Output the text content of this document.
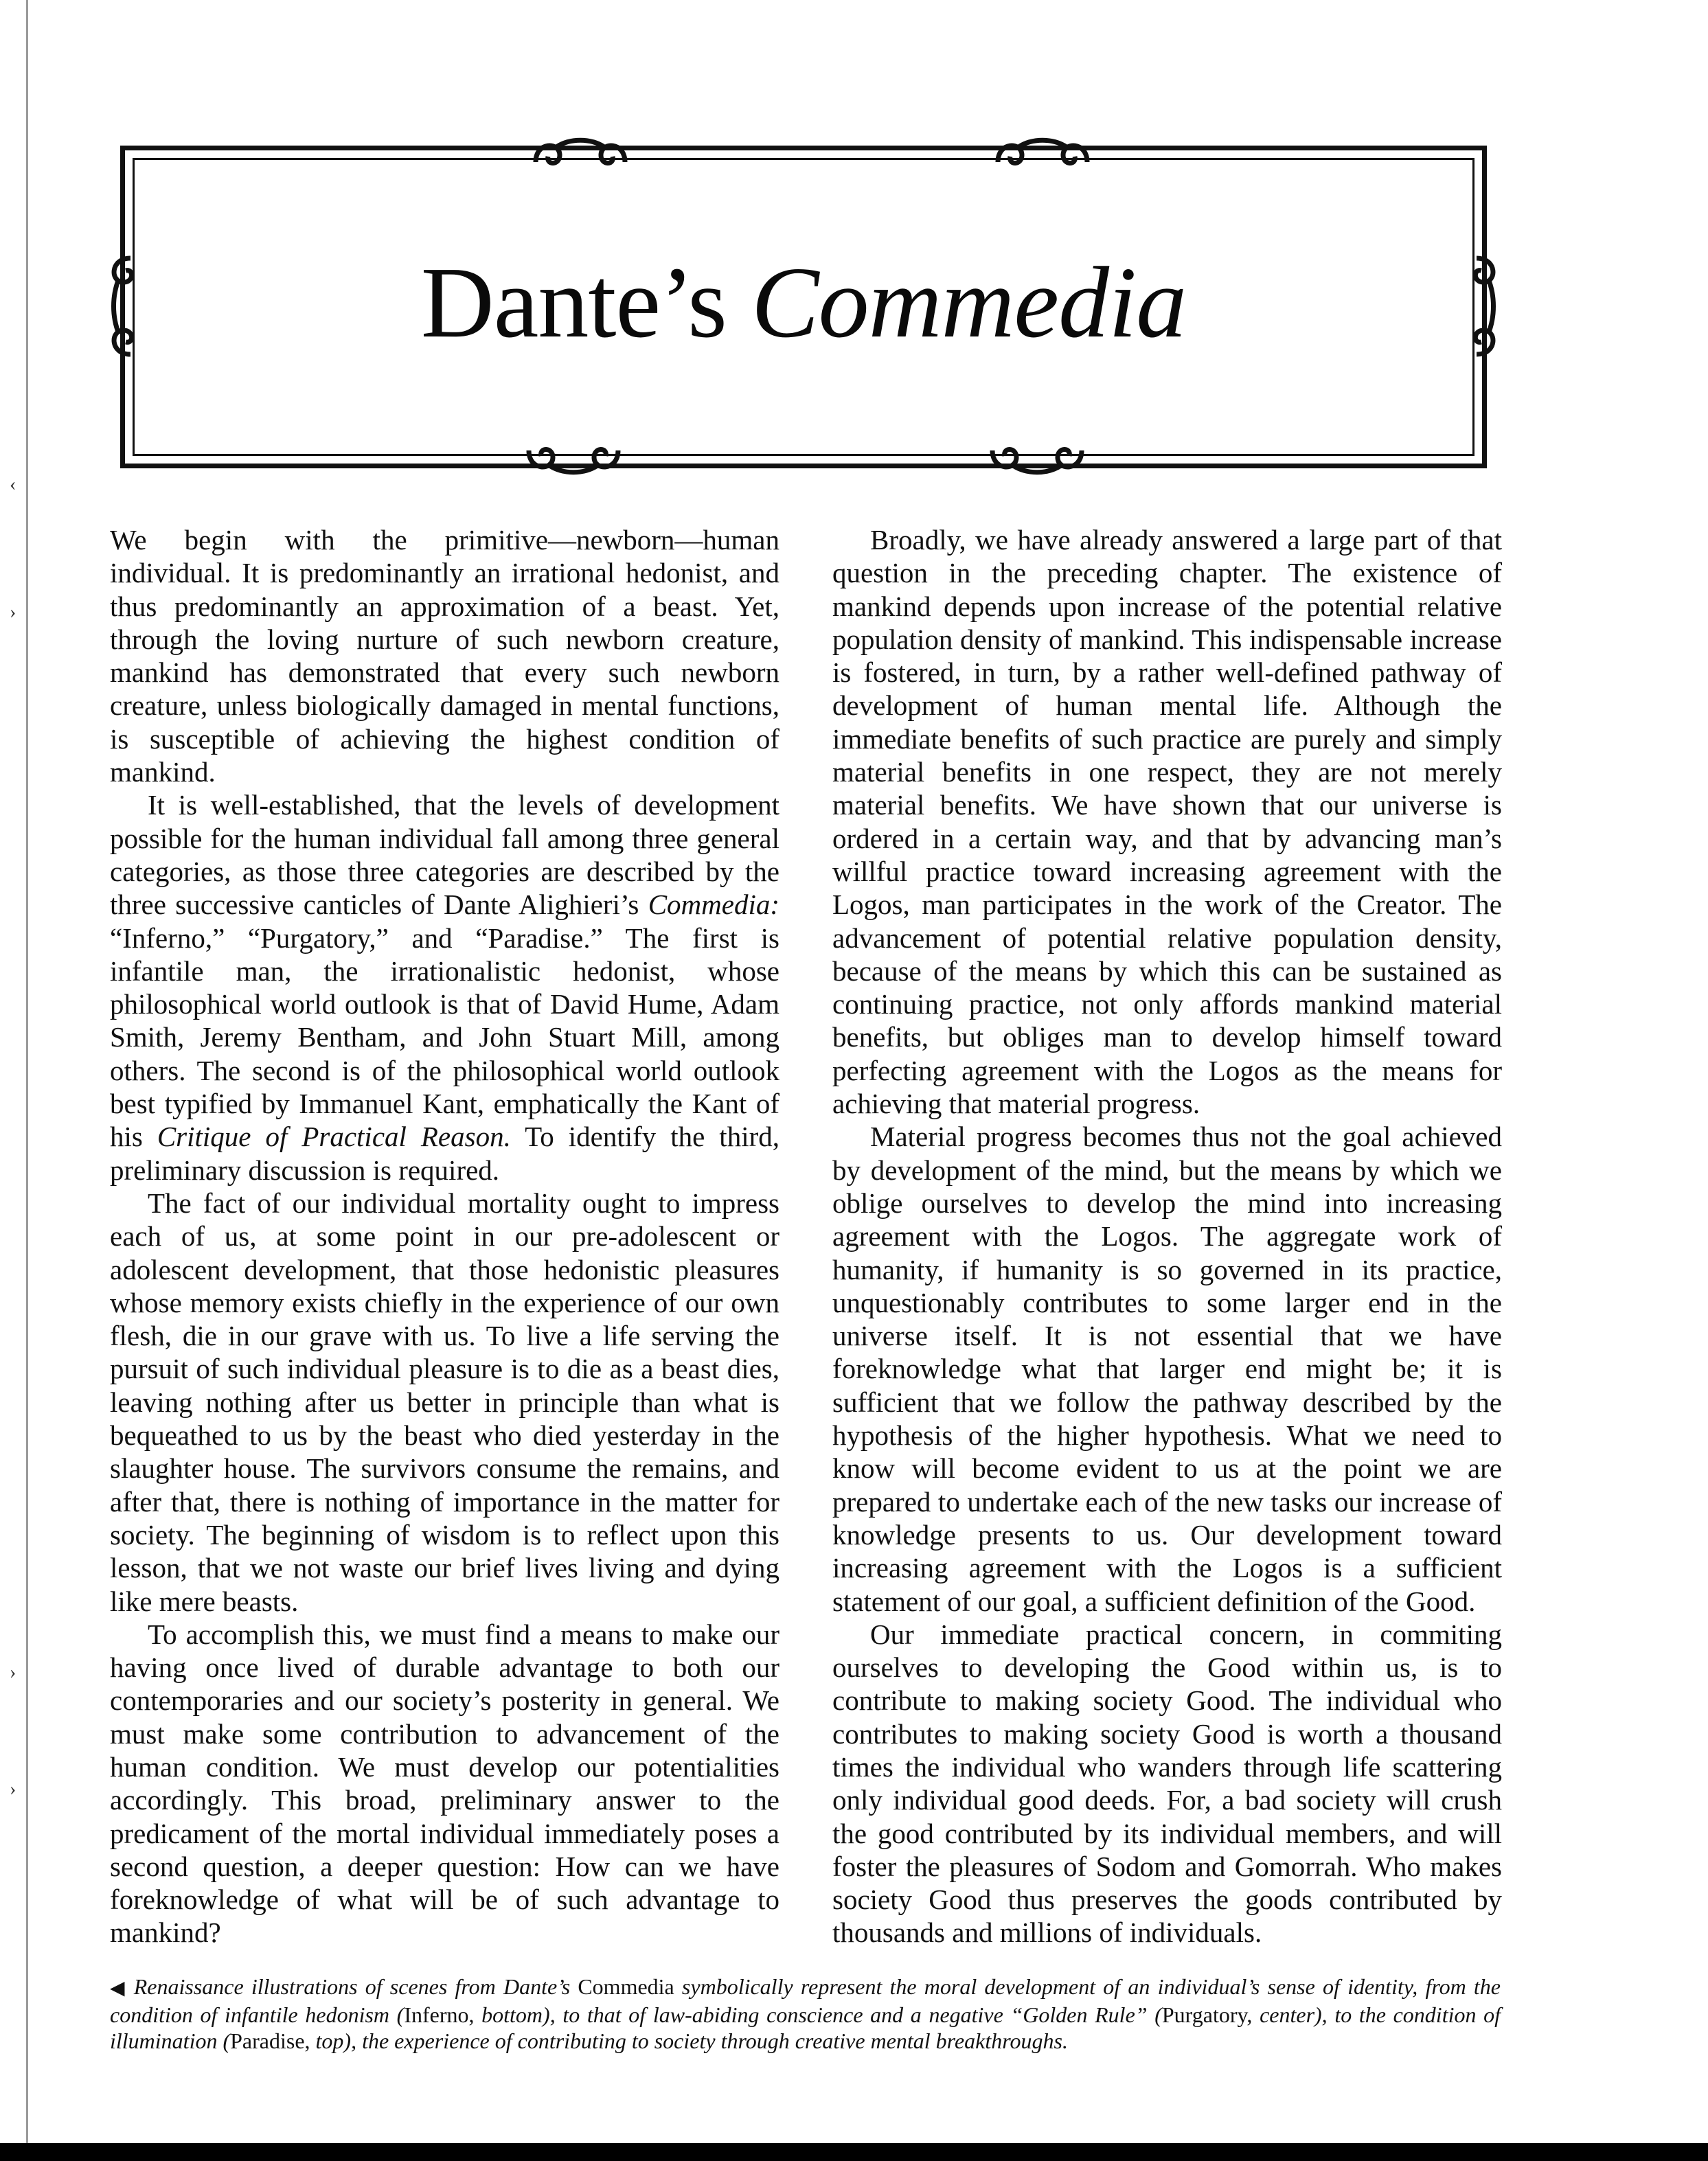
‹
›
›
›
Dante’s Commedia

We begin with the primitive—newborn—human individual. It is predominantly an irrational hedonist, and thus predominantly an approximation of a beast. Yet, through the loving nurture of such newborn creature, mankind has demonstrated that every such newborn creature, unless biologically damaged in mental functions, is susceptible of achieving the highest condition of mankind.

It is well-established, that the levels of development possible for the human individual fall among three general categories, as those three categories are described by the three successive canticles of Dante Alighieri’s Commedia: “Inferno,” “Purgatory,” and “Paradise.” The first is infantile man, the irrationalistic hedonist, whose philosophical world outlook is that of David Hume, Adam Smith, Jeremy Bentham, and John Stuart Mill, among others. The second is of the philosophical world outlook best typified by Immanuel Kant, emphatically the Kant of his Critique of Practical Reason. To identify the third, preliminary discussion is required.

The fact of our individual mortality ought to impress each of us, at some point in our pre-adolescent or adolescent development, that those hedonistic pleasures whose memory exists chiefly in the experience of our own flesh, die in our grave with us. To live a life serving the pursuit of such individual pleasure is to die as a beast dies, leaving nothing after us better in principle than what is bequeathed to us by the beast who died yesterday in the slaughter house. The survivors consume the remains, and after that, there is nothing of importance in the matter for society. The beginning of wisdom is to reflect upon this lesson, that we not waste our brief lives living and dying like mere beasts.

To accomplish this, we must find a means to make our having once lived of durable advantage to both our contemporaries and our society’s posterity in general. We must make some contribution to advancement of the human condition. We must develop our potentialities accordingly. This broad, preliminary answer to the predicament of the mortal individual immediately poses a second question, a deeper question: How can we have foreknowledge of what will be of such advantage to mankind?

Broadly, we have already answered a large part of that question in the preceding chapter. The existence of mankind depends upon increase of the potential relative population density of mankind. This indispensable increase is fostered, in turn, by a rather well-defined pathway of development of human mental life. Although the immediate benefits of such practice are purely and simply material benefits in one respect, they are not merely material benefits. We have shown that our universe is ordered in a certain way, and that by advancing man’s willful practice toward increasing agreement with the Logos, man participates in the work of the Creator. The advancement of potential relative population density, because of the means by which this can be sustained as continuing practice, not only affords mankind material benefits, but obliges man to develop himself toward perfecting agreement with the Logos as the means for achieving that material progress.

Material progress becomes thus not the goal achieved by development of the mind, but the means by which we oblige ourselves to develop the mind into increasing agreement with the Logos. The aggregate work of humanity, if humanity is so governed in its practice, unquestionably contributes to some larger end in the universe itself. It is not essential that we have foreknowledge what that larger end might be; it is sufficient that we follow the pathway described by the hypothesis of the higher hypothesis. What we need to know will become evident to us at the point we are prepared to undertake each of the new tasks our increase of knowledge presents to us. Our development toward increasing agreement with the Logos is a sufficient statement of our goal, a sufficient definition of the Good.

Our immediate practical concern, in commiting ourselves to developing the Good within us, is to contribute to making society Good. The individual who contributes to making society Good is worth a thousand times the individual who wanders through life scattering only individual good deeds. For, a bad society will crush the good contributed by its individual members, and will foster the pleasures of Sodom and Gomorrah. Who makes society Good thus preserves the goods contributed by thousands and millions of individuals.

◀ Renaissance illustrations of scenes from Dante’s Commedia symbolically represent the moral development of an individual’s sense of identity, from the condition of infantile hedonism (Inferno, bottom), to that of law-abiding conscience and a negative “Golden Rule” (Purgatory, center), to the condition of illumination (Paradise, top), the experience of contributing to society through creative mental breakthroughs.
